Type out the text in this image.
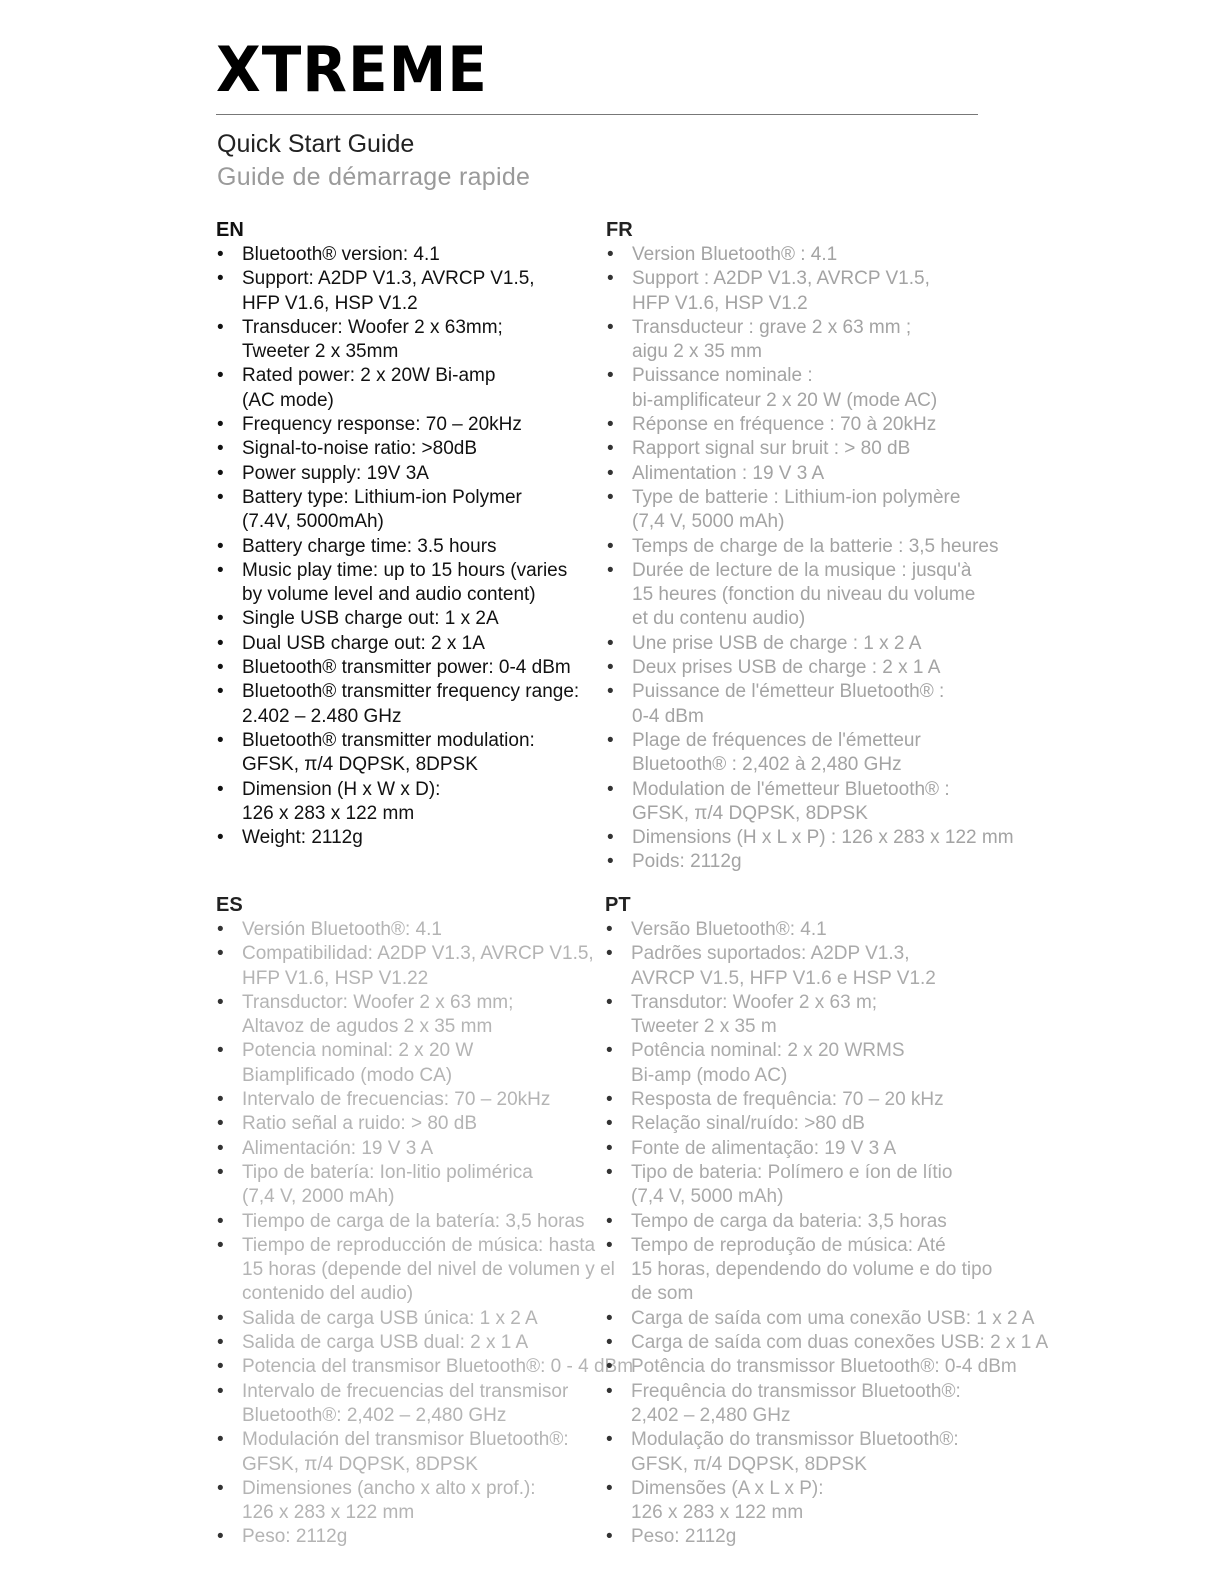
XTREME
Quick Start Guide
Guide de démarrage rapide
EN
• Bluetooth® version: 4.1
• Support: A2DP V1.3, AVRCP V1.5,
HFP V1.6, HSP V1.2
• Transducer: Woofer 2 x 63mm;
Tweeter 2 x 35mm
• Rated power: 2 x 20W Bi-amp
(AC mode)
• Frequency response: 70 – 20kHz
• Signal-to-noise ratio: >80dB
• Power supply: 19V 3A
• Battery type: Lithium-ion Polymer
(7.4V, 5000mAh)
• Battery charge time: 3.5 hours
• Music play time: up to 15 hours (varies
by volume level and audio content)
• Single USB charge out: 1 x 2A
• Dual USB charge out: 2 x 1A
• Bluetooth® transmitter power: 0-4 dBm
• Bluetooth® transmitter frequency range:
2.402 – 2.480 GHz
• Bluetooth® transmitter modulation:
GFSK, π/4 DQPSK, 8DPSK
• Dimension (H x W x D):
126 x 283 x 122 mm
• Weight: 2112g
FR
• Version Bluetooth® : 4.1
• Support : A2DP V1.3, AVRCP V1.5,
HFP V1.6, HSP V1.2
• Transducteur : grave 2 x 63 mm ;
aigu 2 x 35 mm
• Puissance nominale :
bi-amplificateur 2 x 20 W (mode AC)
• Réponse en fréquence : 70 à 20kHz
• Rapport signal sur bruit : > 80 dB
• Alimentation : 19 V 3 A
• Type de batterie : Lithium-ion polymère
(7,4 V, 5000 mAh)
• Temps de charge de la batterie : 3,5 heures
• Durée de lecture de la musique : jusqu'à
15 heures (fonction du niveau du volume
et du contenu audio)
• Une prise USB de charge : 1 x 2 A
• Deux prises USB de charge : 2 x 1 A
• Puissance de l'émetteur Bluetooth® :
0-4 dBm
• Plage de fréquences de l'émetteur
Bluetooth® : 2,402 à 2,480 GHz
• Modulation de l'émetteur Bluetooth® :
GFSK, π/4 DQPSK, 8DPSK
• Dimensions (H x L x P) : 126 x 283 x 122 mm
• Poids: 2112g
ES
• Versión Bluetooth®: 4.1
• Compatibilidad: A2DP V1.3, AVRCP V1.5,
HFP V1.6, HSP V1.22
• Transductor: Woofer 2 x 63 mm;
Altavoz de agudos 2 x 35 mm
• Potencia nominal: 2 x 20 W
Biamplificado (modo CA)
• Intervalo de frecuencias: 70 – 20kHz
• Ratio señal a ruido: > 80 dB
• Alimentación: 19 V 3 A
• Tipo de batería: Ion-litio polimérica
(7,4 V, 2000 mAh)
• Tiempo de carga de la batería: 3,5 horas
• Tiempo de reproducción de música: hasta
15 horas (depende del nivel de volumen y el
contenido del audio)
• Salida de carga USB única: 1 x 2 A
• Salida de carga USB dual: 2 x 1 A
• Potencia del transmisor Bluetooth®: 0 - 4 dBm
• Intervalo de frecuencias del transmisor
Bluetooth®: 2,402 – 2,480 GHz
• Modulación del transmisor Bluetooth®:
GFSK, π/4 DQPSK, 8DPSK
• Dimensiones (ancho x alto x prof.):
126 x 283 x 122 mm
• Peso: 2112g
PT
• Versão Bluetooth®: 4.1
• Padrões suportados: A2DP V1.3,
AVRCP V1.5, HFP V1.6 e HSP V1.2
• Transdutor: Woofer 2 x 63 m;
Tweeter 2 x 35 m
• Potência nominal: 2 x 20 WRMS
Bi-amp (modo AC)
• Resposta de frequência: 70 – 20 kHz
• Relação sinal/ruído: >80 dB
• Fonte de alimentação: 19 V 3 A
• Tipo de bateria: Polímero e íon de lítio
(7,4 V, 5000 mAh)
• Tempo de carga da bateria: 3,5 horas
• Tempo de reprodução de música: Até
15 horas, dependendo do volume e do tipo
de som
• Carga de saída com uma conexão USB: 1 x 2 A
• Carga de saída com duas conexões USB: 2 x 1 A
• Potência do transmissor Bluetooth®: 0-4 dBm
• Frequência do transmissor Bluetooth®:
2,402 – 2,480 GHz
• Modulação do transmissor Bluetooth®:
GFSK, π/4 DQPSK, 8DPSK
• Dimensões (A x L x P):
126 x 283 x 122 mm
• Peso: 2112g
